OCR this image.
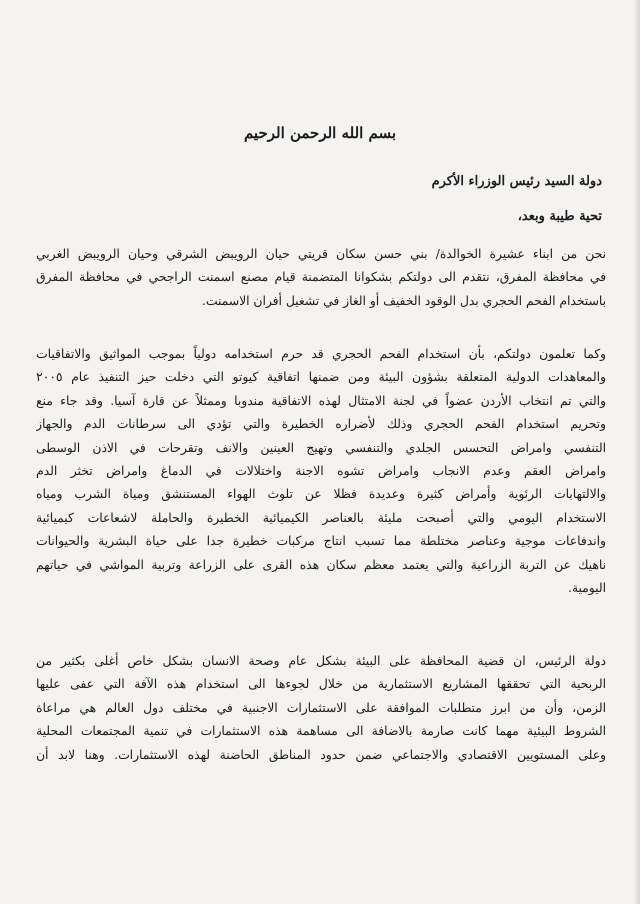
بسم الله الرحمن الرحيم
دولة السيد رئيس الوزراء الأكرم
تحية طيبة وبعد،
نحن من ابناء عشيرة الخوالدة/ بني حسن سكان قريتي حيان الرويبض الشرقي وحيان الرويبض الغربي
في محافظة المفرق، نتقدم الى دولتكم بشكوانا المتضمنة قيام مصنع اسمنت الراجحي في محافظة المفرق
باستخدام الفحم الحجري بدل الوقود الخفيف أو الغاز في تشغيل أفران الاسمنت.
وكما تعلمون دولتكم، بأن استخدام الفحم الحجري قد حرم استخدامه دولياً بموجب المواثيق والاتفاقيات
والمعاهدات الدولية المتعلقة بشؤون البيئة ومن ضمنها اتفاقية كيوتو التي دخلت حيز التنفيذ عام ٢٠٠٥
والتي تم انتخاب الأردن عضواً في لجنة الامتثال لهذه الاتفاقية مندوبا وممثلاً عن قارة آسيا. وقد جاء منع
وتحريم استخدام الفحم الحجري وذلك لأضراره الخطيرة والتي تؤدي الى سرطانات الدم والجهاز
التنفسي وامراض التحسس الجلدي والتنفسي وتهيج العينين والانف وتقرحات في الاذن الوسطى
وامراض العقم وعدم الانجاب وامراض تشوه الاجنة واختلالات في الدماغ وامراض تخثر الدم
والالتهابات الرئوية وأمراض كثيرة وعديدة فظلا عن تلوث الهواء المستنشق ومياة الشرب ومياه
الاستخدام اليومي والتي أصبحت مليئة بالعناصر الكيميائية الخطيرة والحاملة لاشعاعات كيميائية
واندفاعات موجية وعناصر مختلطة مما تسبب انتاج مركبات خطيرة جدا على حياة البشرية والحيوانات
ناهيك عن التربة الزراعية والتي يعتمد معظم سكان هذه القرى على الزراعة وتربية المواشي في حياتهم
اليومية.
دولة الرئيس، ان قضية المحافظة على البيئة بشكل عام وصحة الانسان بشكل خاص أغلى بكثير من
الربحية التي تحققها المشاريع الاستثمارية من خلال لجوءها الى استخدام هذه الآفة التي عفى عليها
الزمن، وأن من ابرز متطلبات الموافقة على الاستثمارات الاجنبية في مختلف دول العالم هي مراعاة
الشروط البيئية مهما كانت صارمة بالاضافة الى مساهمة هذه الاستثمارات في تنمية المجتمعات المحلية
وعلى المستويين الاقتصادي والاجتماعي ضمن حدود المناطق الحاضنة لهذه الاستثمارات. وهنا لابد أن
